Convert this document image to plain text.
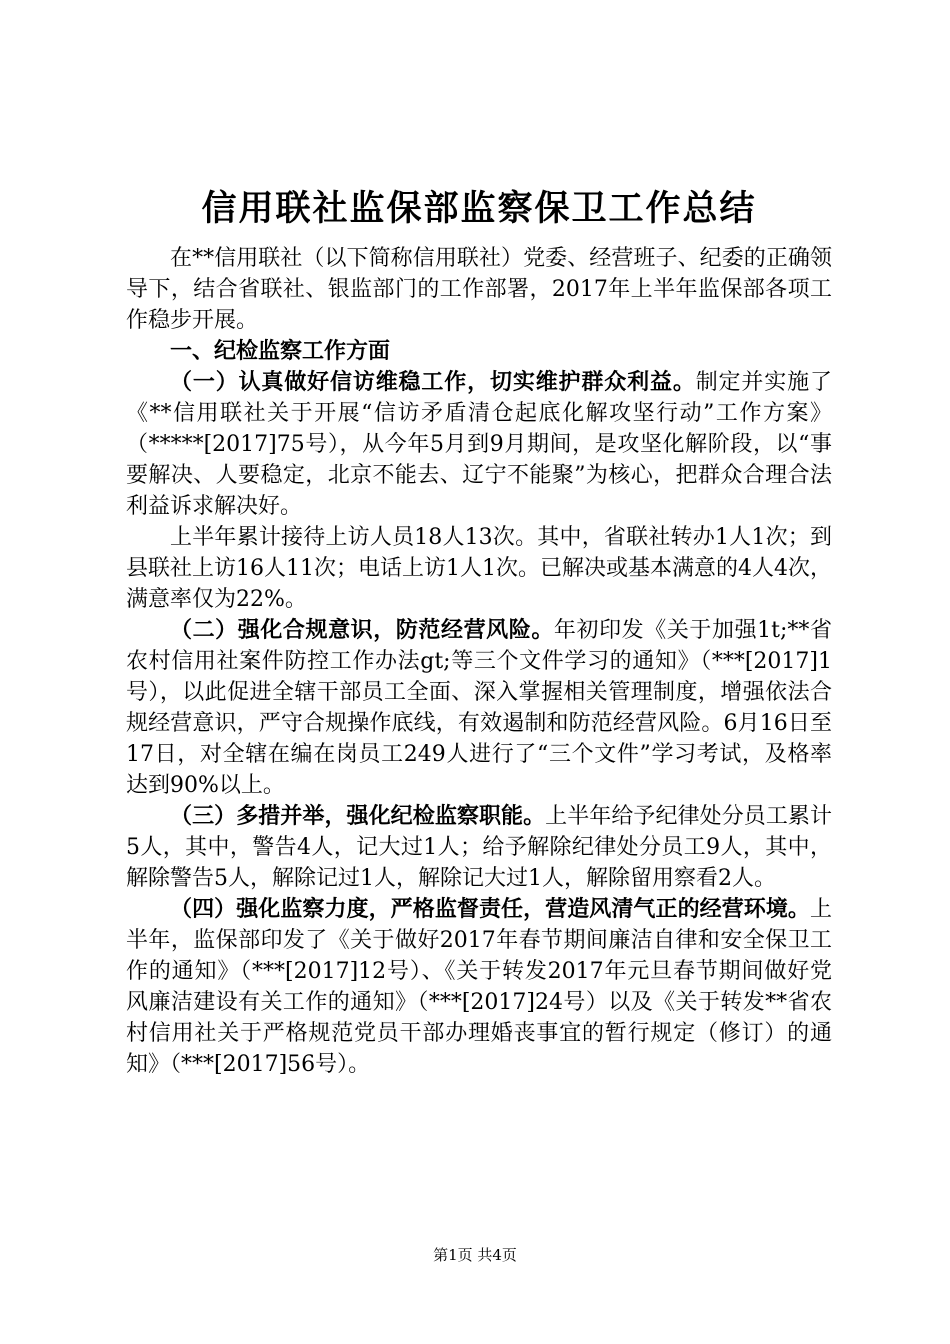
信用联社监保部监察保卫工作总结

在**信用联社（以下简称信用联社）党委、经营班子、纪委的正确领导下，结合省联社、银监部门的工作部署，2017年上半年监保部各项工作稳步开展。

一、纪检监察工作方面

（一）认真做好信访维稳工作，切实维护群众利益。制定并实施了《**信用联社关于开展“信访矛盾清仓起底化解攻坚行动”工作方案》（*****[2017]75号），从今年5月到9月期间，是攻坚化解阶段，以“事要解决、人要稳定，北京不能去、辽宁不能聚”为核心，把群众合理合法利益诉求解决好。

上半年累计接待上访人员18人13次。其中，省联社转办1人1次；到县联社上访16人11次；电话上访1人1次。已解决或基本满意的4人4次，满意率仅为22%。

（二）强化合规意识，防范经营风险。年初印发《关于加强1t;**省农村信用社案件防控工作办法gt;等三个文件学习的通知》（***[2017]1号），以此促进全辖干部员工全面、深入掌握相关管理制度，增强依法合规经营意识，严守合规操作底线，有效遏制和防范经营风险。6月16日至17日，对全辖在编在岗员工249人进行了“三个文件”学习考试，及格率达到90%以上。

（三）多措并举，强化纪检监察职能。上半年给予纪律处分员工累计5人，其中，警告4人，记大过1人；给予解除纪律处分员工9人，其中，解除警告5人，解除记过1人，解除记大过1人，解除留用察看2人。

（四）强化监察力度，严格监督责任，营造风清气正的经营环境。上半年，监保部印发了《关于做好2017年春节期间廉洁自律和安全保卫工作的通知》（***[2017]12号）、《关于转发2017年元旦春节期间做好党风廉洁建设有关工作的通知》（***[2017]24号）以及《关于转发**省农村信用社关于严格规范党员干部办理婚丧事宜的暂行规定（修订）的通知》（***[2017]56号）。

第1页 共4页
